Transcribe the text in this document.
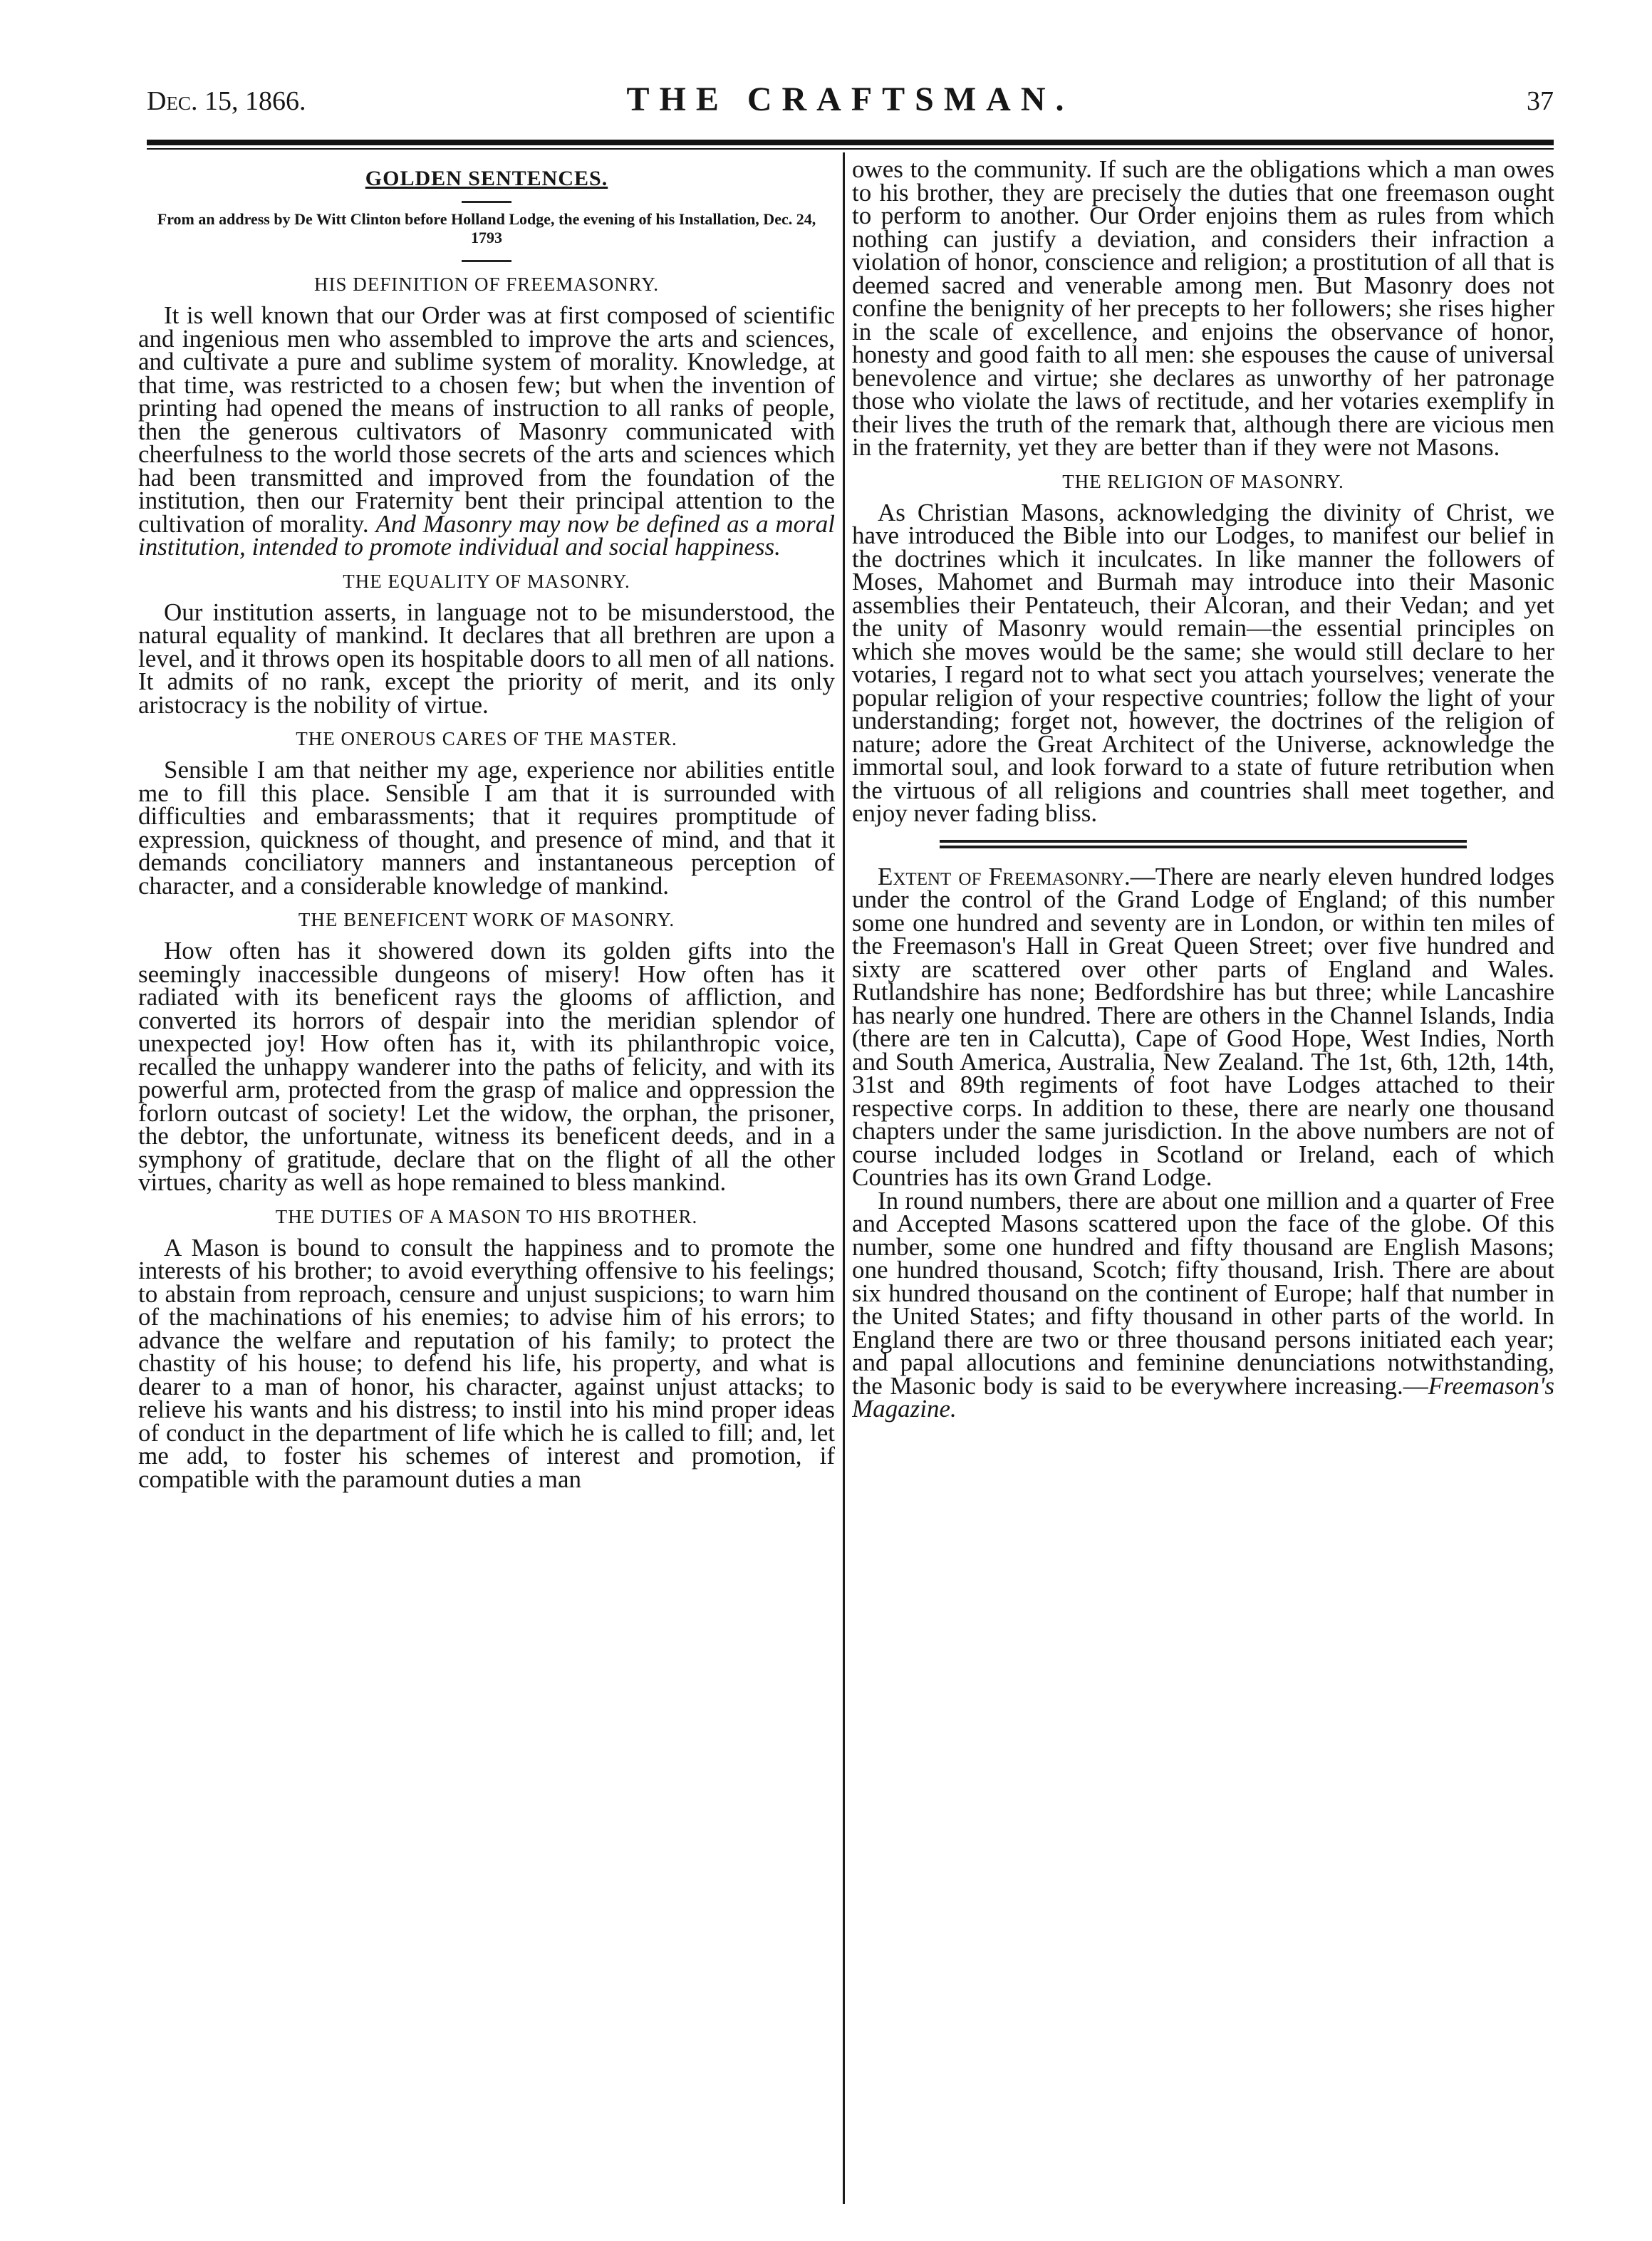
Dec. 15, 1866.	THE CRAFTSMAN.	37
GOLDEN SENTENCES.
From an address by De Witt Clinton before Holland Lodge, the evening of his Installation, Dec. 24, 1793
HIS DEFINITION OF FREEMASONRY.

It is well known that our Order was at first composed of scientific and ingenious men who assembled to improve the arts and sciences, and cultivate a pure and sublime system of morality. Knowledge, at that time, was restricted to a chosen few; but when the invention of printing had opened the means of instruction to all ranks of people, then the generous cultivators of Masonry communicated with cheerfulness to the world those secrets of the arts and sciences which had been transmitted and improved from the foundation of the institution, then our Fraternity bent their principal attention to the cultivation of morality. And Masonry may now be defined as a moral institution, intended to promote individual and social happiness.

THE EQUALITY OF MASONRY.

Our institution asserts, in language not to be misunderstood, the natural equality of mankind. It declares that all brethren are upon a level, and it throws open its hospitable doors to all men of all nations. It admits of no rank, except the priority of merit, and its only aristocracy is the nobility of virtue.

THE ONEROUS CARES OF THE MASTER.

Sensible I am that neither my age, experience nor abilities entitle me to fill this place. Sensible I am that it is surrounded with difficulties and embarassments; that it requires promptitude of expression, quickness of thought, and presence of mind, and that it demands conciliatory manners and instantaneous perception of character, and a considerable knowledge of mankind.

THE BENEFICENT WORK OF MASONRY.

How often has it showered down its golden gifts into the seemingly inaccessible dungeons of misery! How often has it radiated with its beneficent rays the glooms of affliction, and converted its horrors of despair into the meridian splendor of unexpected joy! How often has it, with its philanthropic voice, recalled the unhappy wanderer into the paths of felicity, and with its powerful arm, protected from the grasp of malice and oppression the forlorn outcast of society! Let the widow, the orphan, the prisoner, the debtor, the unfortunate, witness its beneficent deeds, and in a symphony of gratitude, declare that on the flight of all the other virtues, charity as well as hope remained to bless mankind.

THE DUTIES OF A MASON TO HIS BROTHER.

A Mason is bound to consult the happiness and to promote the interests of his brother; to avoid everything offensive to his feelings; to abstain from reproach, censure and unjust suspicions; to warn him of the machinations of his enemies; to advise him of his errors; to advance the welfare and reputation of his family; to protect the chastity of his house; to defend his life, his property, and what is dearer to a man of honor, his character, against unjust attacks; to relieve his wants and his distress; to instil into his mind proper ideas of conduct in the department of life which he is called to fill; and, let me add, to foster his schemes of interest and promotion, if compatible with the paramount duties a man

owes to the community. If such are the obligations which a man owes to his brother, they are precisely the duties that one freemason ought to perform to another. Our Order enjoins them as rules from which nothing can justify a deviation, and considers their infraction a violation of honor, conscience and religion; a prostitution of all that is deemed sacred and venerable among men. But Masonry does not confine the benignity of her precepts to her followers; she rises higher in the scale of excellence, and enjoins the observance of honor, honesty and good faith to all men: she espouses the cause of universal benevolence and virtue; she declares as unworthy of her patronage those who violate the laws of rectitude, and her votaries exemplify in their lives the truth of the remark that, although there are vicious men in the fraternity, yet they are better than if they were not Masons.

THE RELIGION OF MASONRY.

As Christian Masons, acknowledging the divinity of Christ, we have introduced the Bible into our Lodges, to manifest our belief in the doctrines which it inculcates. In like manner the followers of Moses, Mahomet and Burmah may introduce into their Masonic assemblies their Pentateuch, their Alcoran, and their Vedan; and yet the unity of Masonry would remain—the essential principles on which she moves would be the same; she would still declare to her votaries, I regard not to what sect you attach yourselves; venerate the popular religion of your respective countries; follow the light of your understanding; forget not, however, the doctrines of the religion of nature; adore the Great Architect of the Universe, acknowledge the immortal soul, and look forward to a state of future retribution when the virtuous of all religions and countries shall meet together, and enjoy never fading bliss.

Extent of Freemasonry.—There are nearly eleven hundred lodges under the control of the Grand Lodge of England; of this number some one hundred and seventy are in London, or within ten miles of the Freemason's Hall in Great Queen Street; over five hundred and sixty are scattered over other parts of England and Wales. Rutlandshire has none; Bedfordshire has but three; while Lancashire has nearly one hundred. There are others in the Channel Islands, India (there are ten in Calcutta), Cape of Good Hope, West Indies, North and South America, Australia, New Zealand. The 1st, 6th, 12th, 14th, 31st and 89th regiments of foot have Lodges attached to their respective corps. In addition to these, there are nearly one thousand chapters under the same jurisdiction. In the above numbers are not of course included lodges in Scotland or Ireland, each of which Countries has its own Grand Lodge.

In round numbers, there are about one million and a quarter of Free and Accepted Masons scattered upon the face of the globe. Of this number, some one hundred and fifty thousand are English Masons; one hundred thousand, Scotch; fifty thousand, Irish. There are about six hundred thousand on the continent of Europe; half that number in the United States; and fifty thousand in other parts of the world. In England there are two or three thousand persons initiated each year; and papal allocutions and feminine denunciations notwithstanding, the Masonic body is said to be everywhere increasing.—Freemason's Magazine.
